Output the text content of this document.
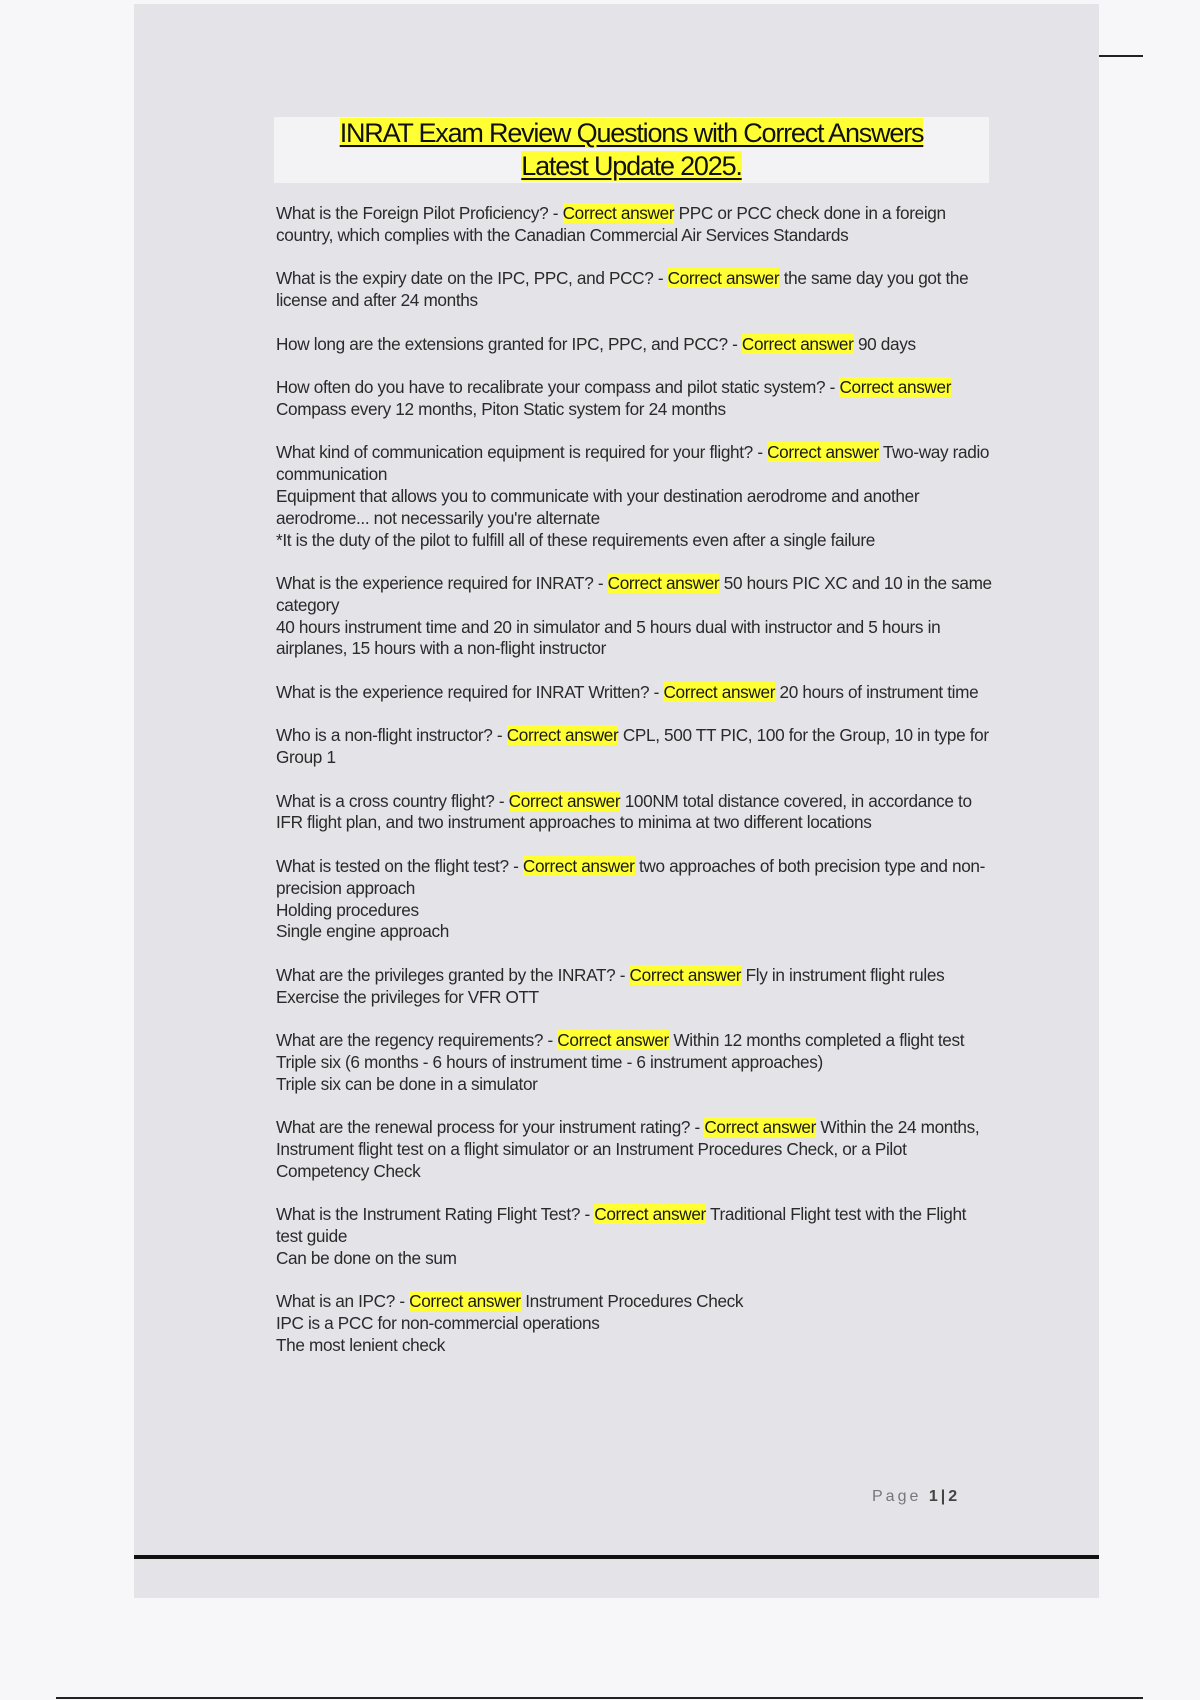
INRAT Exam Review Questions with Correct Answers
Latest Update 2025.

What is the Foreign Pilot Proficiency? - Correct answer PPC or PCC check done in a foreign country, which complies with the Canadian Commercial Air Services Standards

What is the expiry date on the IPC, PPC, and PCC? - Correct answer the same day you got the license and after 24 months

How long are the extensions granted for IPC, PPC, and PCC? - Correct answer 90 days

How often do you have to recalibrate your compass and pilot static system? - Correct answer Compass every 12 months, Piton Static system for 24 months

What kind of communication equipment is required for your flight? - Correct answer Two-way radio communication

Equipment that allows you to communicate with your destination aerodrome and another aerodrome... not necessarily you're alternate

*It is the duty of the pilot to fulfill all of these requirements even after a single failure

What is the experience required for INRAT? - Correct answer 50 hours PIC XC and 10 in the same category

40 hours instrument time and 20 in simulator and 5 hours dual with instructor and 5 hours in airplanes, 15 hours with a non-flight instructor

What is the experience required for INRAT Written? - Correct answer 20 hours of instrument time

Who is a non-flight instructor? - Correct answer CPL, 500 TT PIC, 100 for the Group, 10 in type for Group 1

What is a cross country flight? - Correct answer 100NM total distance covered, in accordance to IFR flight plan, and two instrument approaches to minima at two different locations

What is tested on the flight test? - Correct answer two approaches of both precision type and non-precision approach

Holding procedures

Single engine approach

What are the privileges granted by the INRAT? - Correct answer Fly in instrument flight rules

Exercise the privileges for VFR OTT

What are the regency requirements? - Correct answer Within 12 months completed a flight test

Triple six (6 months - 6 hours of instrument time - 6 instrument approaches)

Triple six can be done in a simulator

What are the renewal process for your instrument rating? - Correct answer Within the 24 months, Instrument flight test on a flight simulator or an Instrument Procedures Check, or a Pilot Competency Check

What is the Instrument Rating Flight Test? - Correct answer Traditional Flight test with the Flight test guide

Can be done on the sum

What is an IPC? - Correct answer Instrument Procedures Check

IPC is a PCC for non-commercial operations

The most lenient check

Page 1|2
